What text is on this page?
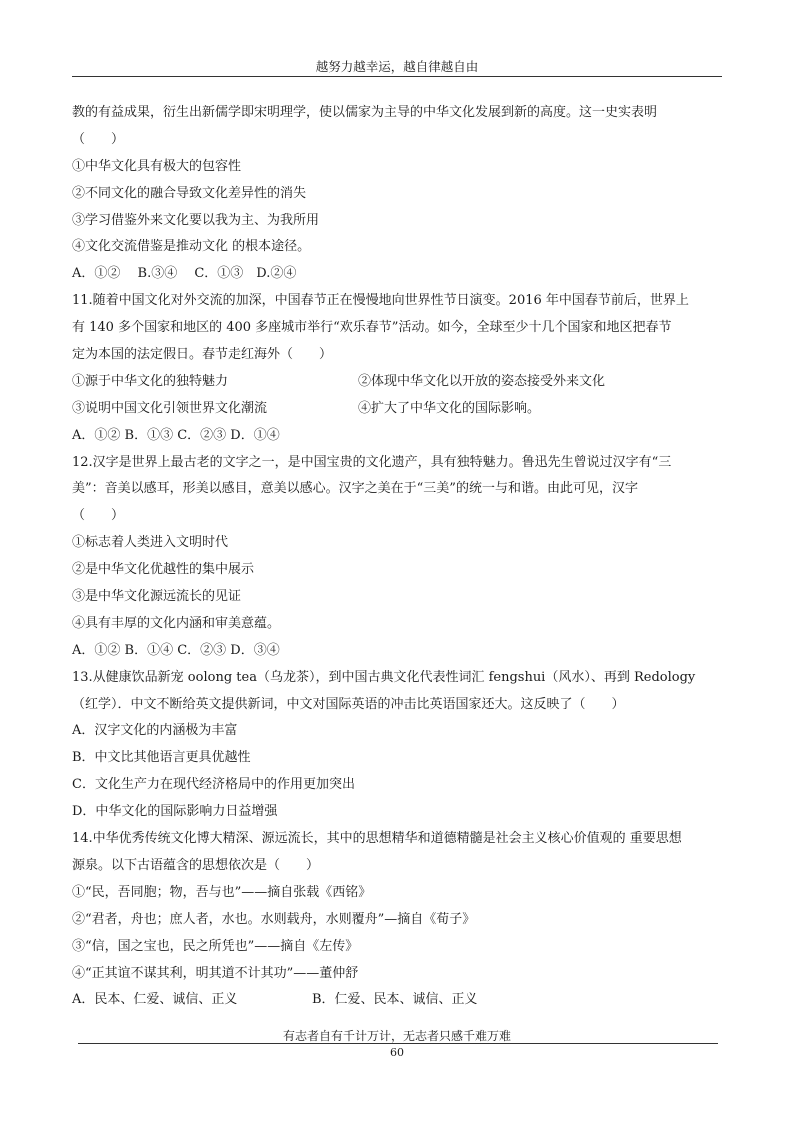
越努力越幸运，越自律越自由
教的有益成果，衍生出新儒学即宋明理学，使以儒家为主导的中华文化发展到新的高度。这一史实表明
（　　）
①中华文化具有极大的包容性
②不同文化的融合导致文化差异性的消失
③学习借鉴外来文化要以我为主、为我所用
④文化交流借鉴是推动文化 的根本途径。
A．①②　 B.③④　 C．①③　D.②④
11.随着中国文化对外交流的加深，中国春节正在慢慢地向世界性节日演变。2016 年中国春节前后，世界上
有 140 多个国家和地区的 400 多座城市举行“欢乐春节”活动。如今，全球至少十几个国家和地区把春节
定为本国的法定假日。春节走红海外（　　）
①源于中华文化的独特魅力	②体现中华文化以开放的姿态接受外来文化
③说明中国文化引领世界文化潮流	④扩大了中华文化的国际影响。
A．①② B．①③ C．②③ D．①④
12.汉字是世界上最古老的文字之一，是中国宝贵的文化遗产，具有独特魅力。鲁迅先生曾说过汉字有“三
美”：音美以感耳，形美以感目，意美以感心。汉字之美在于“三美”的统一与和谐。由此可见，汉字
（　　）
①标志着人类进入文明时代
②是中华文化优越性的集中展示
③是中华文化源远流长的见证
④具有丰厚的文化内涵和审美意蕴。
A．①② B．①④ C．②③ D．③④
13.从健康饮品新宠 oolong tea（乌龙茶），到中国古典文化代表性词汇 fengshui（风水）、再到 Redology
（红学）．中文不断给英文提供新词，中文对国际英语的冲击比英语国家还大。这反映了（　　）
A．汉字文化的内涵极为丰富
B．中文比其他语言更具优越性
C．文化生产力在现代经济格局中的作用更加突出
D．中华文化的国际影响力日益增强
14.中华优秀传统文化博大精深、源远流长，其中的思想精华和道德精髓是社会主义核心价值观的 重要思想
源泉。以下古语蕴含的思想依次是（　　）
①“民，吾同胞；物，吾与也”——摘自张载《西铭》
②“君者，舟也；庶人者，水也。水则载舟，水则覆舟”—摘自《荀子》
③“信，国之宝也，民之所凭也”——摘自《左传》
④“正其谊不谋其利，明其道不计其功”——董仲舒
A．民本、仁爱、诚信、正义	B．仁爱、民本、诚信、正义
有志者自有千计万计，无志者只感千难万难
60
